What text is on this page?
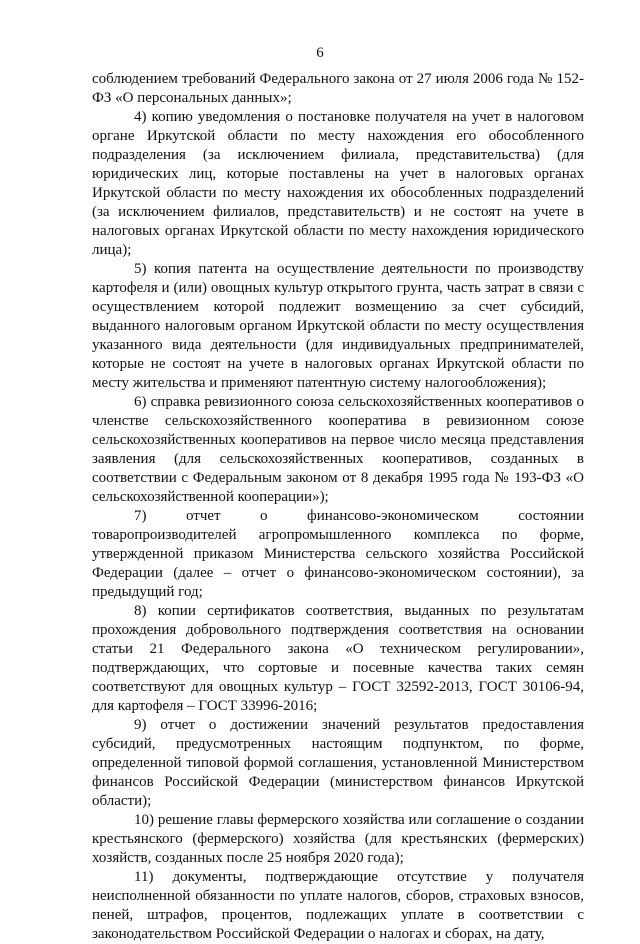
6

соблюдением требований Федерального закона от 27 июля 2006 года № 152-ФЗ «О персональных данных»;

4) копию уведомления о постановке получателя на учет в налоговом органе Иркутской области по месту нахождения его обособленного подразделения (за исключением филиала, представительства) (для юридических лиц, которые поставлены на учет в налоговых органах Иркутской области по месту нахождения их обособленных подразделений (за исключением филиалов, представительств) и не состоят на учете в налоговых органах Иркутской области по месту нахождения юридического лица);

5) копия патента на осуществление деятельности по производству картофеля и (или) овощных культур открытого грунта, часть затрат в связи с осуществлением которой подлежит возмещению за счет субсидий, выданного налоговым органом Иркутской области по месту осуществления указанного вида деятельности (для индивидуальных предпринимателей, которые не состоят на учете в налоговых органах Иркутской области по месту жительства и применяют патентную систему налогообложения);

6) справка ревизионного союза сельскохозяйственных кооперативов о членстве сельскохозяйственного кооператива в ревизионном союзе сельскохозяйственных кооперативов на первое число месяца представления заявления (для сельскохозяйственных кооперативов, созданных в соответствии с Федеральным законом от 8 декабря 1995 года № 193-ФЗ «О сельскохозяйственной кооперации»);

7) отчет о финансово-экономическом состоянии товаропроизводителей агропромышленного комплекса по форме, утвержденной приказом Министерства сельского хозяйства Российской Федерации (далее – отчет о финансово-экономическом состоянии), за предыдущий год;

8) копии сертификатов соответствия, выданных по результатам прохождения добровольного подтверждения соответствия на основании статьи 21 Федерального закона «О техническом регулировании», подтверждающих, что сортовые и посевные качества таких семян соответствуют для овощных культур – ГОСТ 32592-2013, ГОСТ 30106-94, для картофеля – ГОСТ 33996-2016;

9) отчет о достижении значений результатов предоставления субсидий, предусмотренных настоящим подпунктом, по форме, определенной типовой формой соглашения, установленной Министерством финансов Российской Федерации (министерством финансов Иркутской области);

10) решение главы фермерского хозяйства или соглашение о создании крестьянского (фермерского) хозяйства (для крестьянских (фермерских) хозяйств, созданных после 25 ноября 2020 года);

11) документы, подтверждающие отсутствие у получателя неисполненной обязанности по уплате налогов, сборов, страховых взносов, пеней, штрафов, процентов, подлежащих уплате в соответствии с законодательством Российской Федерации о налогах и сборах, на дату,
